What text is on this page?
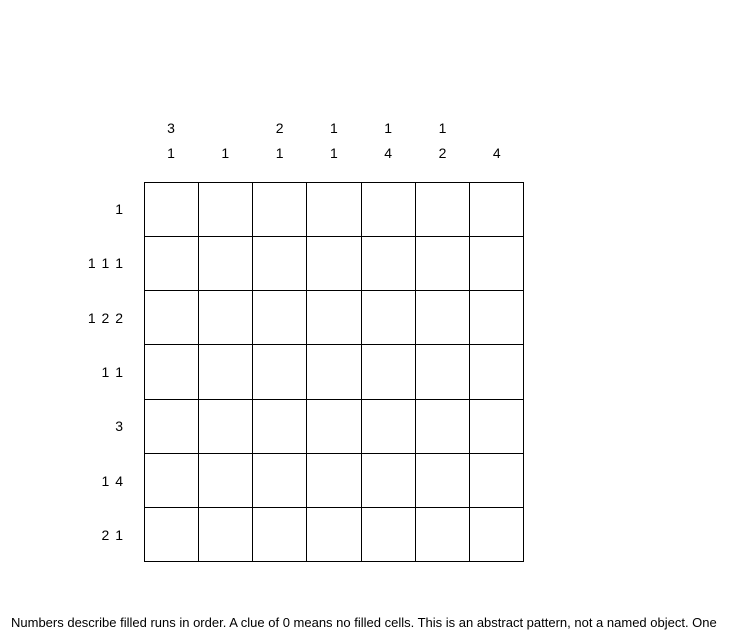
3
1	1
2
1
1
1
1
4
1
2	4
1
1 1 1
1 2 2
1 1
3
1 4
2 1
Numbers describe filled runs in order. A clue of 0 means no filled cells. This is an abstract pattern, not a named object. One
